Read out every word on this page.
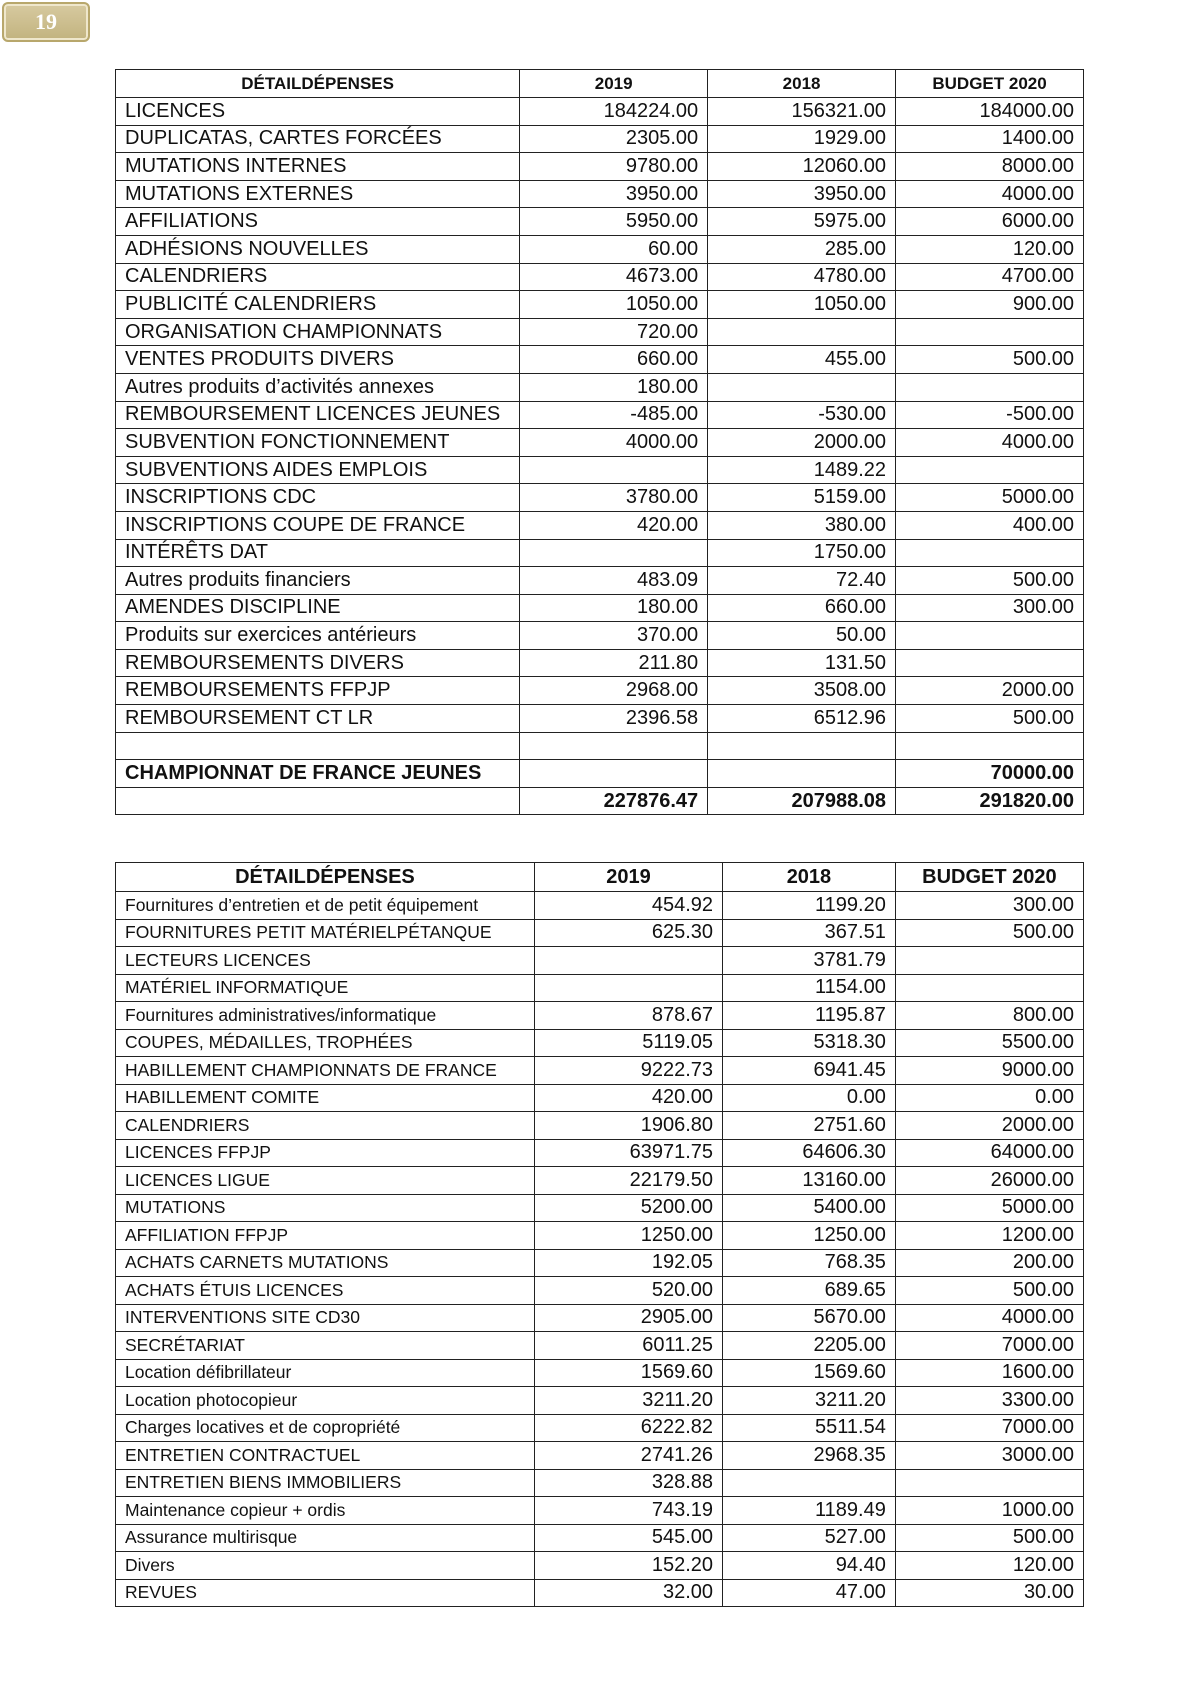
19
DÉTAILDÉPENSES	2019	2018	BUDGET 2020
LICENCES	184224.00	156321.00	184000.00
DUPLICATAS, CARTES FORCÉES	2305.00	1929.00	1400.00
MUTATIONS INTERNES	9780.00	12060.00	8000.00
MUTATIONS EXTERNES	3950.00	3950.00	4000.00
AFFILIATIONS	5950.00	5975.00	6000.00
ADHÉSIONS NOUVELLES	60.00	285.00	120.00
CALENDRIERS	4673.00	4780.00	4700.00
PUBLICITÉ CALENDRIERS	1050.00	1050.00	900.00
ORGANISATION CHAMPIONNATS	720.00		
VENTES PRODUITS DIVERS	660.00	455.00	500.00
Autres produits d’activités annexes	180.00		
REMBOURSEMENT LICENCES JEUNES	-485.00	-530.00	-500.00
SUBVENTION FONCTIONNEMENT	4000.00	2000.00	4000.00
SUBVENTIONS AIDES EMPLOIS		1489.22	
INSCRIPTIONS CDC	3780.00	5159.00	5000.00
INSCRIPTIONS COUPE DE FRANCE	420.00	380.00	400.00
INTÉRÊTS DAT		1750.00	
Autres produits financiers	483.09	72.40	500.00
AMENDES DISCIPLINE	180.00	660.00	300.00
Produits sur exercices antérieurs	370.00	50.00	
REMBOURSEMENTS DIVERS	211.80	131.50	
REMBOURSEMENTS FFPJP	2968.00	3508.00	2000.00
REMBOURSEMENT CT LR	2396.58	6512.96	500.00

CHAMPIONNAT DE FRANCE JEUNES			70000.00
	227876.47	207988.08	291820.00
DÉTAILDÉPENSES	2019	2018	BUDGET 2020
Fournitures d’entretien et de petit équipement	454.92	1199.20	300.00
FOURNITURES PETIT MATÉRIELPÉTANQUE	625.30	367.51	500.00
LECTEURS LICENCES		3781.79	
MATÉRIEL INFORMATIQUE		1154.00	
Fournitures administratives/informatique	878.67	1195.87	800.00
COUPES, MÉDAILLES, TROPHÉES	5119.05	5318.30	5500.00
HABILLEMENT CHAMPIONNATS DE FRANCE	9222.73	6941.45	9000.00
HABILLEMENT COMITE	420.00	0.00	0.00
CALENDRIERS	1906.80	2751.60	2000.00
LICENCES FFPJP	63971.75	64606.30	64000.00
LICENCES LIGUE	22179.50	13160.00	26000.00
MUTATIONS	5200.00	5400.00	5000.00
AFFILIATION FFPJP	1250.00	1250.00	1200.00
ACHATS CARNETS MUTATIONS	192.05	768.35	200.00
ACHATS ÉTUIS LICENCES	520.00	689.65	500.00
INTERVENTIONS SITE CD30	2905.00	5670.00	4000.00
SECRÉTARIAT	6011.25	2205.00	7000.00
Location défibrillateur	1569.60	1569.60	1600.00
Location photocopieur	3211.20	3211.20	3300.00
Charges locatives et de copropriété	6222.82	5511.54	7000.00
ENTRETIEN CONTRACTUEL	2741.26	2968.35	3000.00
ENTRETIEN BIENS IMMOBILIERS	328.88		
Maintenance copieur + ordis	743.19	1189.49	1000.00
Assurance multirisque	545.00	527.00	500.00
Divers	152.20	94.40	120.00
REVUES	32.00	47.00	30.00
